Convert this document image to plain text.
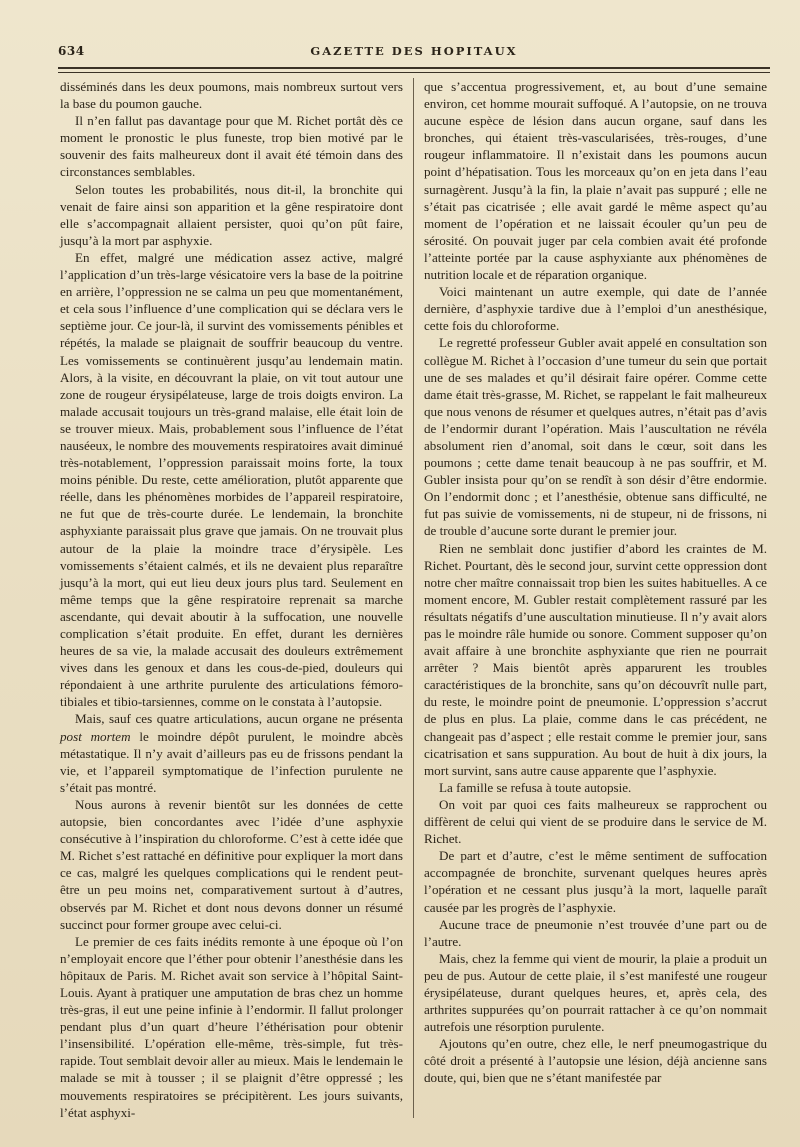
634	GAZETTE DES HOPITAUX

disséminés dans les deux poumons, mais nombreux surtout vers la base du poumon gauche.

Il n’en fallut pas davantage pour que M. Richet portât dès ce moment le pronostic le plus funeste, trop bien motivé par le souvenir des faits malheureux dont il avait été témoin dans des circonstances semblables.

Selon toutes les probabilités, nous dit-il, la bronchite qui venait de faire ainsi son apparition et la gêne respiratoire dont elle s’accompagnait allaient persister, quoi qu’on pût faire, jusqu’à la mort par asphyxie.

En effet, malgré une médication assez active, malgré l’application d’un très-large vésicatoire vers la base de la poitrine en arrière, l’oppression ne se calma un peu que momentanément, et cela sous l’influence d’une complication qui se déclara vers le septième jour. Ce jour-là, il survint des vomissements pénibles et répétés, la malade se plaignait de souffrir beaucoup du ventre. Les vomissements se continuèrent jusqu’au lendemain matin. Alors, à la visite, en découvrant la plaie, on vit tout autour une zone de rougeur érysipélateuse, large de trois doigts environ. La malade accusait toujours un très-grand malaise, elle était loin de se trouver mieux. Mais, probablement sous l’influence de l’état nauséeux, le nombre des mouvements respiratoires avait diminué très-notablement, l’oppression paraissait moins forte, la toux moins pénible. Du reste, cette amélioration, plutôt apparente que réelle, dans les phénomènes morbides de l’appareil respiratoire, ne fut que de très-courte durée. Le lendemain, la bronchite asphyxiante paraissait plus grave que jamais. On ne trouvait plus autour de la plaie la moindre trace d’érysipèle. Les vomissements s’étaient calmés, et ils ne devaient plus reparaître jusqu’à la mort, qui eut lieu deux jours plus tard. Seulement en même temps que la gêne respiratoire reprenait sa marche ascendante, qui devait aboutir à la suffocation, une nouvelle complication s’était produite. En effet, durant les dernières heures de sa vie, la malade accusait des douleurs extrêmement vives dans les genoux et dans les cous-de-pied, douleurs qui répondaient à une arthrite purulente des articulations fémoro-tibiales et tibio-tarsiennes, comme on le constata à l’autopsie.

Mais, sauf ces quatre articulations, aucun organe ne présenta post mortem le moindre dépôt purulent, le moindre abcès métastatique. Il n’y avait d’ailleurs pas eu de frissons pendant la vie, et l’appareil symptomatique de l’infection purulente ne s’était pas montré.

Nous aurons à revenir bientôt sur les données de cette autopsie, bien concordantes avec l’idée d’une asphyxie consécutive à l’inspiration du chloroforme. C’est à cette idée que M. Richet s’est rattaché en définitive pour expliquer la mort dans ce cas, malgré les quelques complications qui le rendent peut-être un peu moins net, comparativement surtout à d’autres, observés par M. Richet et dont nous devons donner un résumé succinct pour former groupe avec celui-ci.

Le premier de ces faits inédits remonte à une époque où l’on n’employait encore que l’éther pour obtenir l’anesthésie dans les hôpitaux de Paris. M. Richet avait son service à l’hôpital Saint-Louis. Ayant à pratiquer une amputation de bras chez un homme très-gras, il eut une peine infinie à l’endormir. Il fallut prolonger pendant plus d’un quart d’heure l’éthérisation pour obtenir l’insensibilité. L’opération elle-même, très-simple, fut très-rapide. Tout semblait devoir aller au mieux. Mais le lendemain le malade se mit à tousser ; il se plaignit d’être oppressé ; les mouvements respiratoires se précipitèrent. Les jours suivants, l’état asphyxi-

que s’accentua progressivement, et, au bout d’une semaine environ, cet homme mourait suffoqué. A l’autopsie, on ne trouva aucune espèce de lésion dans aucun organe, sauf dans les bronches, qui étaient très-vascularisées, très-rouges, d’une rougeur inflammatoire. Il n’existait dans les poumons aucun point d’hépatisation. Tous les morceaux qu’on en jeta dans l’eau surnagèrent. Jusqu’à la fin, la plaie n’avait pas suppuré ; elle ne s’était pas cicatrisée ; elle avait gardé le même aspect qu’au moment de l’opération et ne laissait écouler qu’un peu de sérosité. On pouvait juger par cela combien avait été profonde l’atteinte portée par la cause asphyxiante aux phénomènes de nutrition locale et de réparation organique.

Voici maintenant un autre exemple, qui date de l’année dernière, d’asphyxie tardive due à l’emploi d’un anesthésique, cette fois du chloroforme.

Le regretté professeur Gubler avait appelé en consultation son collègue M. Richet à l’occasion d’une tumeur du sein que portait une de ses malades et qu’il désirait faire opérer. Comme cette dame était très-grasse, M. Richet, se rappelant le fait malheureux que nous venons de résumer et quelques autres, n’était pas d’avis de l’endormir durant l’opération. Mais l’auscultation ne révéla absolument rien d’anomal, soit dans le cœur, soit dans les poumons ; cette dame tenait beaucoup à ne pas souffrir, et M. Gubler insista pour qu’on se rendît à son désir d’être endormie. On l’endormit donc ; et l’anesthésie, obtenue sans difficulté, ne fut pas suivie de vomissements, ni de stupeur, ni de frissons, ni de trouble d’aucune sorte durant le premier jour.

Rien ne semblait donc justifier d’abord les craintes de M. Richet. Pourtant, dès le second jour, survint cette oppression dont notre cher maître connaissait trop bien les suites habituelles. A ce moment encore, M. Gubler restait complètement rassuré par les résultats négatifs d’une auscultation minutieuse. Il n’y avait alors pas le moindre râle humide ou sonore. Comment supposer qu’on avait affaire à une bronchite asphyxiante que rien ne pourrait arrêter ? Mais bientôt après apparurent les troubles caractéristiques de la bronchite, sans qu’on découvrît nulle part, du reste, le moindre point de pneumonie. L’oppression s’accrut de plus en plus. La plaie, comme dans le cas précédent, ne changeait pas d’aspect ; elle restait comme le premier jour, sans cicatrisation et sans suppuration. Au bout de huit à dix jours, la mort survint, sans autre cause apparente que l’asphyxie.

La famille se refusa à toute autopsie.

On voit par quoi ces faits malheureux se rapprochent ou diffèrent de celui qui vient de se produire dans le service de M. Richet.

De part et d’autre, c’est le même sentiment de suffocation accompagnée de bronchite, survenant quelques heures après l’opération et ne cessant plus jusqu’à la mort, laquelle paraît causée par les progrès de l’asphyxie.

Aucune trace de pneumonie n’est trouvée d’une part ou de l’autre.

Mais, chez la femme qui vient de mourir, la plaie a produit un peu de pus. Autour de cette plaie, il s’est manifesté une rougeur érysipélateuse, durant quelques heures, et, après cela, des arthrites suppurées qu’on pourrait rattacher à ce qu’on nommait autrefois une résorption purulente.

Ajoutons qu’en outre, chez elle, le nerf pneumogastrique du côté droit a présenté à l’autopsie une lésion, déjà ancienne sans doute, qui, bien que ne s’étant manifestée par
